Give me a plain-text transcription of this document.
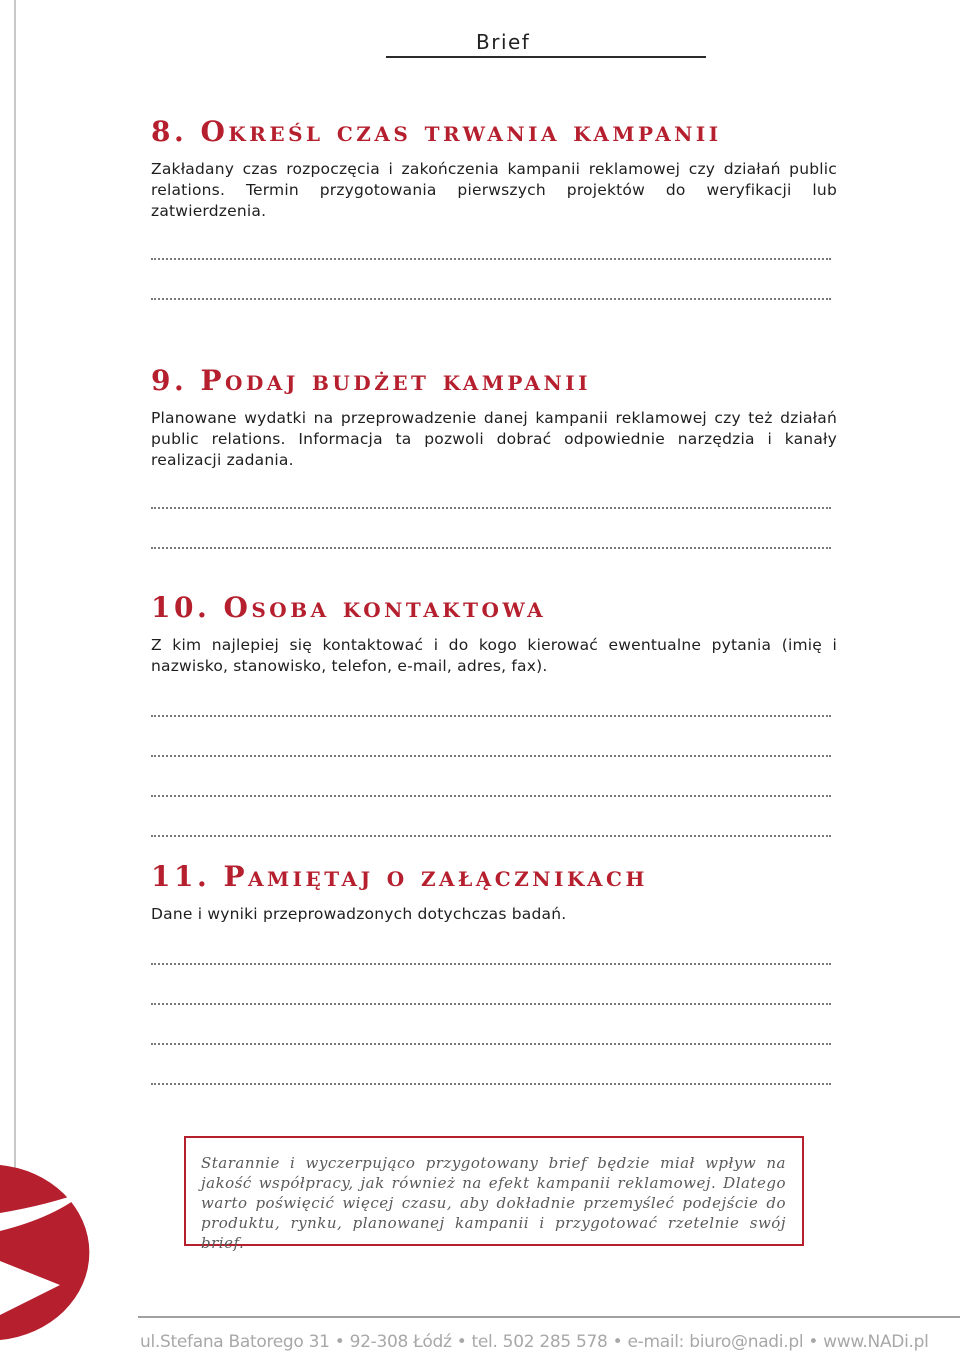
Brief
8. Określ czas trwania kampanii

Zakładany czas rozpoczęcia i zakończenia kampanii reklamowej czy działań public relations. Termin przygotowania pierwszych projektów do weryfikacji lub zatwierdzenia.

9. Podaj budżet kampanii

Planowane wydatki na przeprowadzenie danej kampanii reklamowej czy też działań public relations. Informacja ta pozwoli dobrać odpowiednie narzędzia i kanały realizacji zadania.

10. Osoba kontaktowa

Z kim najlepiej się kontaktować i do kogo kierować ewentualne pytania (imię i nazwisko, stanowisko, telefon, e-mail, adres, fax).

11. Pamiętaj o załącznikach

Dane i wyniki przeprowadzonych dotychczas badań.

Starannie i wyczerpująco przygotowany brief będzie miał wpływ na jakość współpracy, jak również na efekt kampanii reklamowej. Dlatego warto poświęcić więcej czasu, aby dokładnie przemyśleć podejście do produktu, rynku, planowanej kampanii i przygotować rzetelnie swój brief.

ul.Stefana Batorego 31 • 92-308 Łódź • tel. 502 285 578 • e-mail: biuro@nadi.pl • www.NADi.pl
